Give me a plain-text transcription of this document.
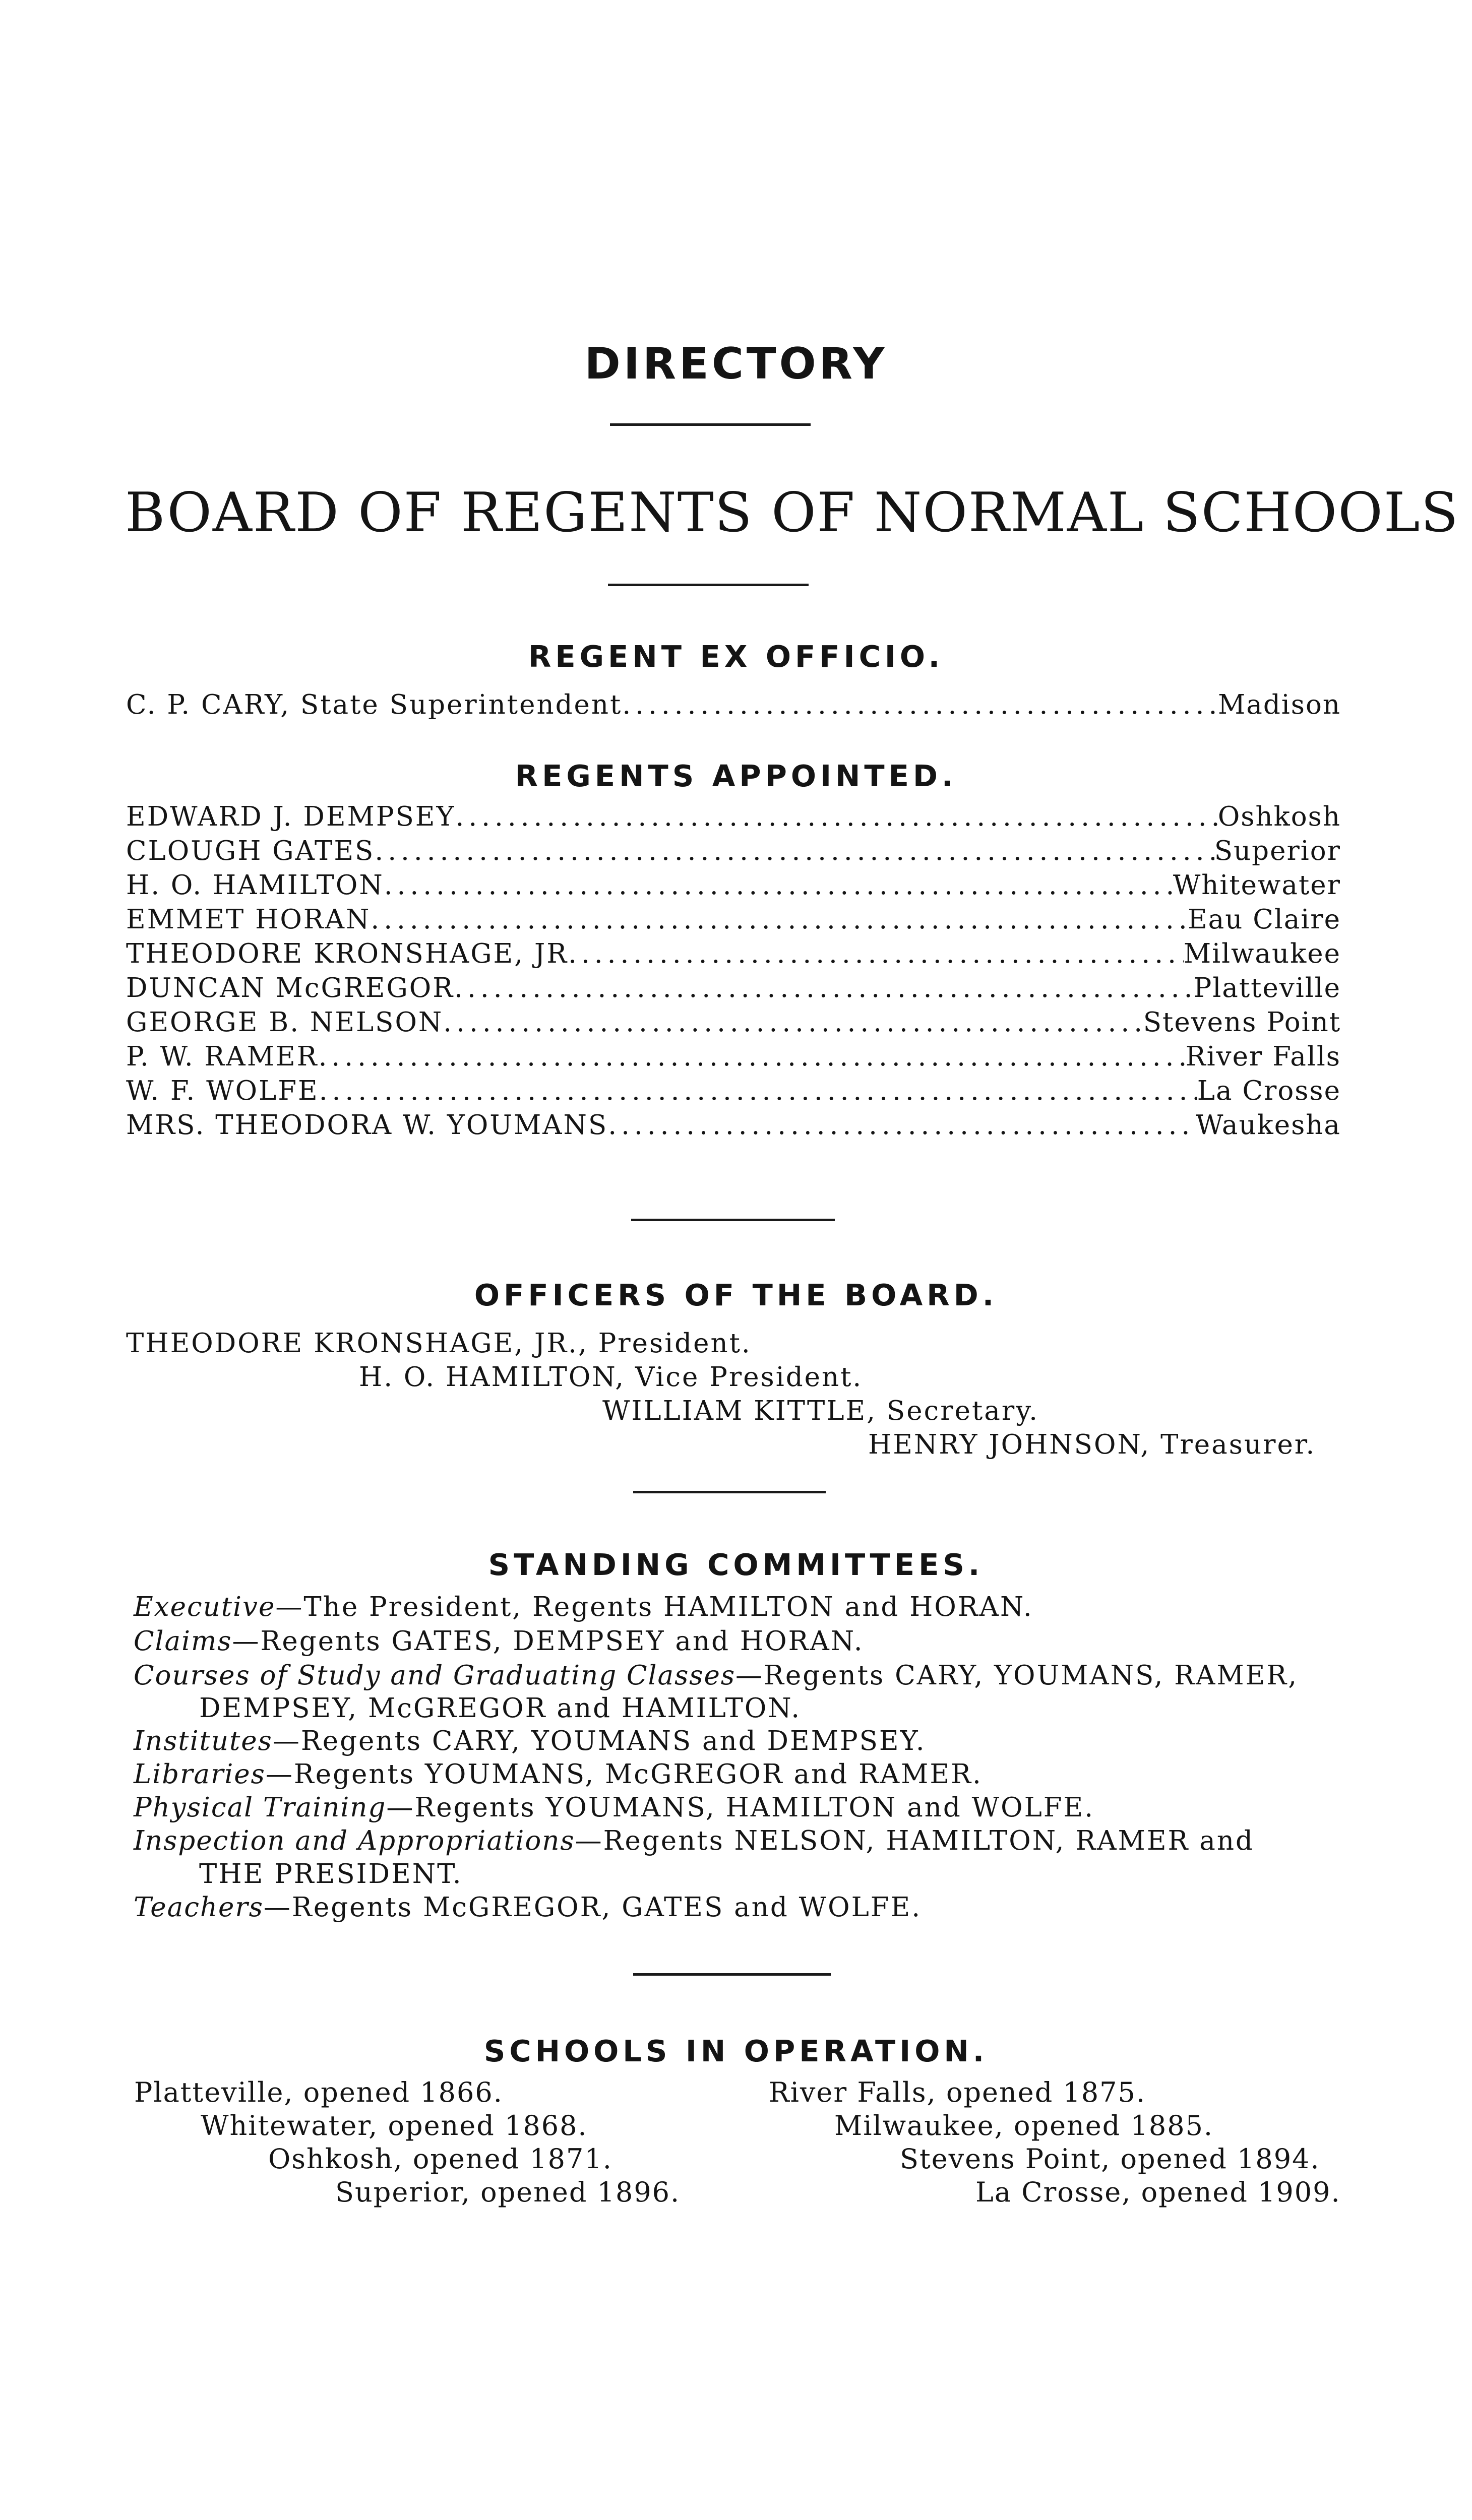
DIRECTORY
BOARD OF REGENTS OF NORMAL SCHOOLS
REGENT EX OFFICIO.
C. P. CARY, State Superintendent .....	Madison
REGENTS APPOINTED.
EDWARD J. DEMPSEY .....	Oshkosh
CLOUGH GATES .....	Superior
H. O. HAMILTON .....	Whitewater
EMMET HORAN .....	Eau Claire
THEODORE KRONSHAGE, JR .....	Milwaukee
DUNCAN McGREGOR .....	Platteville
GEORGE B. NELSON .....	Stevens Point
P. W. RAMER .....	River Falls
W. F. WOLFE .....	La Crosse
MRS. THEODORA W. YOUMANS .....	Waukesha
OFFICERS OF THE BOARD.
THEODORE KRONSHAGE, JR., President.
H. O. HAMILTON, Vice President.
WILLIAM KITTLE, Secretary.
HENRY JOHNSON, Treasurer.
STANDING COMMITTEES.
Executive—The President, Regents HAMILTON and HORAN.
Claims—Regents GATES, DEMPSEY and HORAN.
Courses of Study and Graduating Classes—Regents CARY, YOUMANS, RAMER,
DEMPSEY, McGREGOR and HAMILTON.
Institutes—Regents CARY, YOUMANS and DEMPSEY.
Libraries—Regents YOUMANS, McGREGOR and RAMER.
Physical Training—Regents YOUMANS, HAMILTON and WOLFE.
Inspection and Appropriations—Regents NELSON, HAMILTON, RAMER and
THE PRESIDENT.
Teachers—Regents McGREGOR, GATES and WOLFE.
SCHOOLS IN OPERATION.
Platteville, opened 1866.
Whitewater, opened 1868.
Oshkosh, opened 1871.
Superior, opened 1896.
River Falls, opened 1875.
Milwaukee, opened 1885.
Stevens Point, opened 1894.
La Crosse, opened 1909.
